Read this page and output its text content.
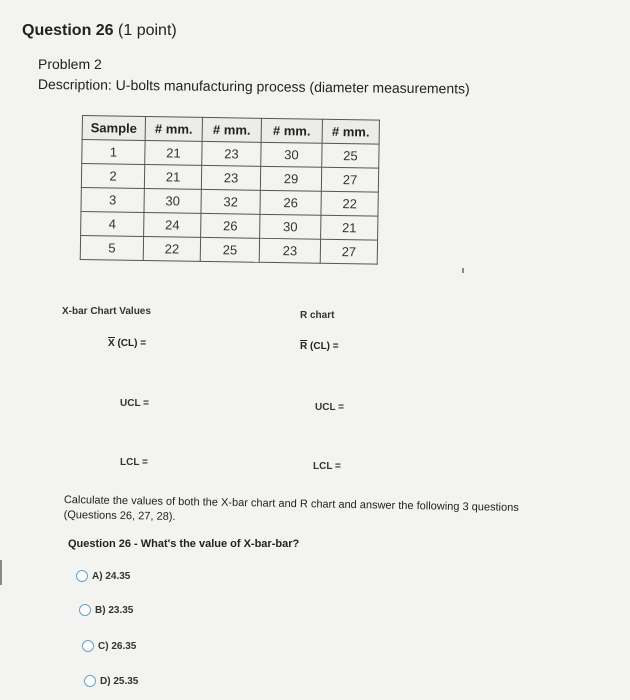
Question 26 (1 point)
Problem 2
Description: U-bolts manufacturing process (diameter measurements)
Sample	# mm.	# mm.	# mm.	# mm.
1	21	23	30	25
2	21	23	29	27
3	30	32	26	22
4	24	26	30	21
5	22	25	23	27
X-bar Chart Values	R chart
$\overline{X}$ (CL) =	$\overline{R}$ (CL) =
UCL =	UCL =
LCL =	LCL =
Calculate the values of both the X-bar chart and R chart and answer the following 3 questions (Questions 26, 27, 28).
Question 26 - What's the value of X-bar-bar?
A) 24.35
B) 23.35
C) 26.35
D) 25.35
